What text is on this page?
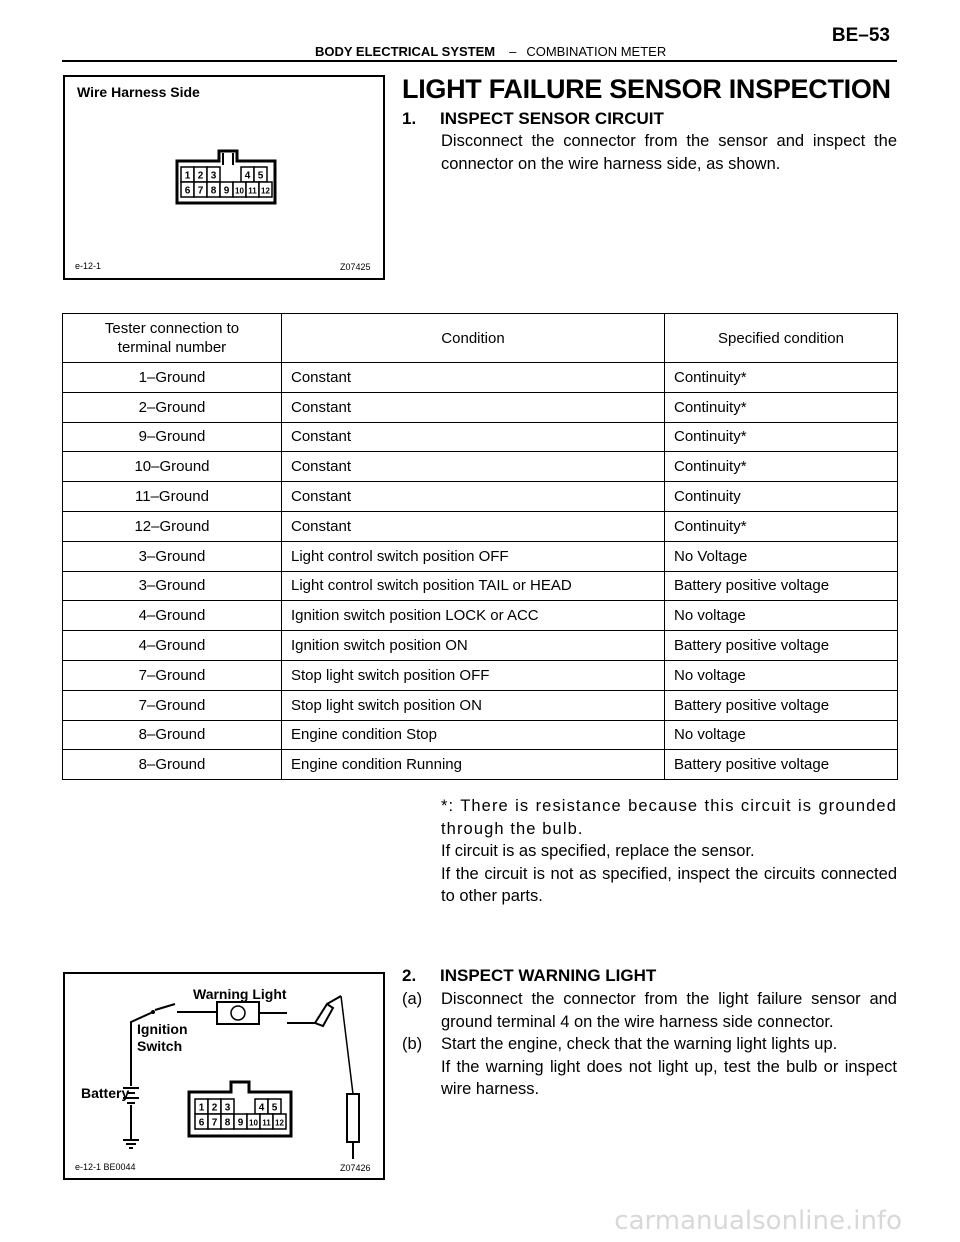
BODY ELECTRICAL SYSTEM – COMBINATION METER
BE–53
Wire Harness Side
1 2 3	4 5
6 7 8 9 10 11 12
e-12-1	Z07425
LIGHT FAILURE SENSOR INSPECTION
1. INSPECT SENSOR CIRCUIT
Disconnect the connector from the sensor and inspect the connector on the wire harness side, as shown.
Tester connection to
terminal number	Condition	Specified condition
1–Ground	Constant	Continuity*
2–Ground	Constant	Continuity*
9–Ground	Constant	Continuity*
10–Ground	Constant	Continuity*
11–Ground	Constant	Continuity
12–Ground	Constant	Continuity*
3–Ground	Light control switch position OFF	No Voltage
3–Ground	Light control switch position TAIL or HEAD	Battery positive voltage
4–Ground	Ignition switch position LOCK or ACC	No voltage
4–Ground	Ignition switch position ON	Battery positive voltage
7–Ground	Stop light switch position OFF	No voltage
7–Ground	Stop light switch position ON	Battery positive voltage
8–Ground	Engine condition Stop	No voltage
8–Ground	Engine condition Running	Battery positive voltage

*: There is resistance because this circuit is grounded through the bulb.

If circuit is as specified, replace the sensor.

If the circuit is not as specified, inspect the circuits connected to other parts.

2. INSPECT WARNING LIGHT
(a) Disconnect the connector from the light failure sensor and ground terminal 4 on the wire harness side connector.
(b) Start the engine, check that the warning light lights up.
If the warning light does not light up, test the bulb or inspect wire harness.
Warning Light
Ignition
Switch
Battery
1 2 3	4 5
6 7 8 9 10 11 12
e-12-1 BE0044	Z07426
carmanualsonline.info
